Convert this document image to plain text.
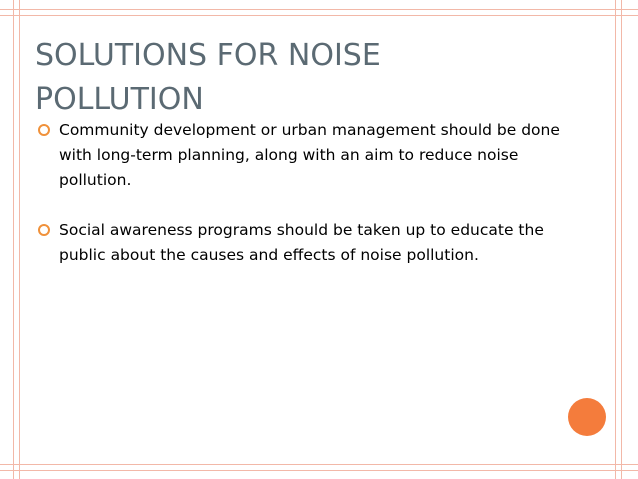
SOLUTIONS FOR NOISE
POLLUTION
Community development or urban management should be done with long-term planning, along with an aim to reduce noise pollution.
Social awareness programs should be taken up to educate the public about the causes and effects of noise pollution.
